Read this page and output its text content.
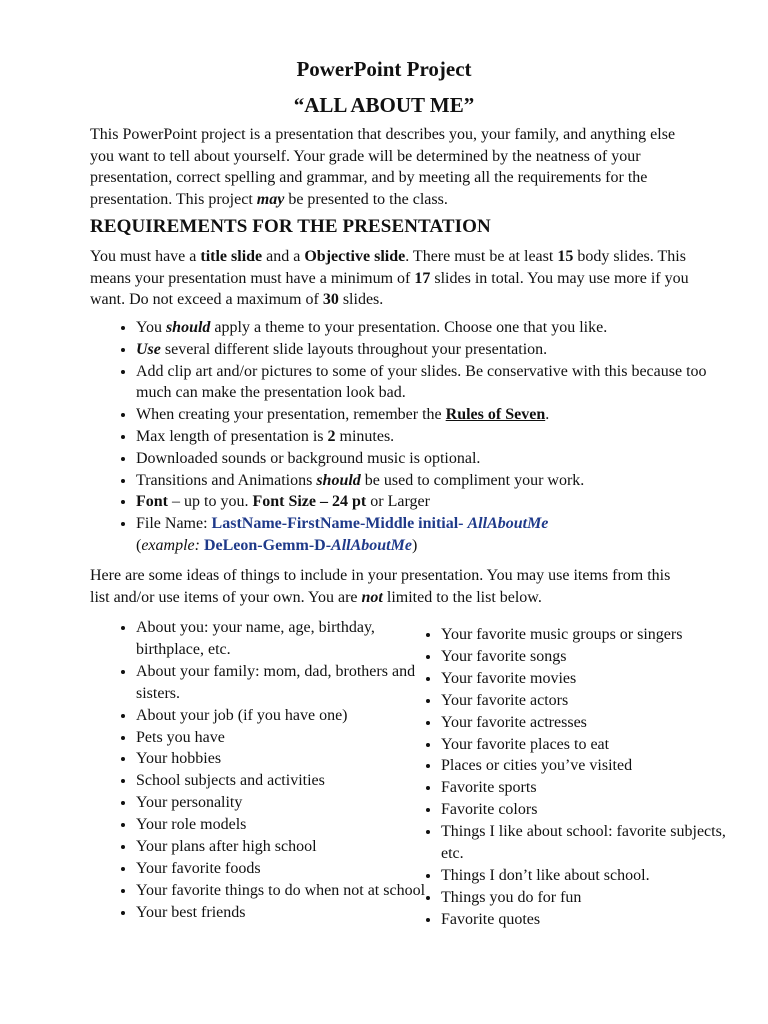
PowerPoint Project
“ALL ABOUT ME”

This PowerPoint project is a presentation that describes you, your family, and anything else you want to tell about yourself. Your grade will be determined by the neatness of your presentation, correct spelling and grammar, and by meeting all the requirements for the presentation. This project may be presented to the class.

REQUIREMENTS FOR THE PRESENTATION

You must have a title slide and a Objective slide. There must be at least 15 body slides. This means your presentation must have a minimum of 17 slides in total. You may use more if you want. Do not exceed a maximum of 30 slides.

• You should apply a theme to your presentation. Choose one that you like.
• Use several different slide layouts throughout your presentation.
• Add clip art and/or pictures to some of your slides. Be conservative with this because too much can make the presentation look bad.
• When creating your presentation, remember the Rules of Seven.
• Max length of presentation is 2 minutes.
• Downloaded sounds or background music is optional.
• Transitions and Animations should be used to compliment your work.
• Font – up to you. Font Size – 24 pt or Larger
• File Name: LastName-FirstName-Middle initial- AllAboutMe
(example: DeLeon-Gemm-D-AllAboutMe)

Here are some ideas of things to include in your presentation. You may use items from this list and/or use items of your own. You are not limited to the list below.

• About you: your name, age, birthday, birthplace, etc.
• About your family: mom, dad, brothers and sisters.
• About your job (if you have one)
• Pets you have
• Your hobbies
• School subjects and activities
• Your personality
• Your role models
• Your plans after high school
• Your favorite foods
• Your favorite things to do when not at school
• Your best friends
• Your favorite music groups or singers
• Your favorite songs
• Your favorite movies
• Your favorite actors
• Your favorite actresses
• Your favorite places to eat
• Places or cities you’ve visited
• Favorite sports
• Favorite colors
• Things I like about school: favorite subjects, etc.
• Things I don’t like about school.
• Things you do for fun
• Favorite quotes
